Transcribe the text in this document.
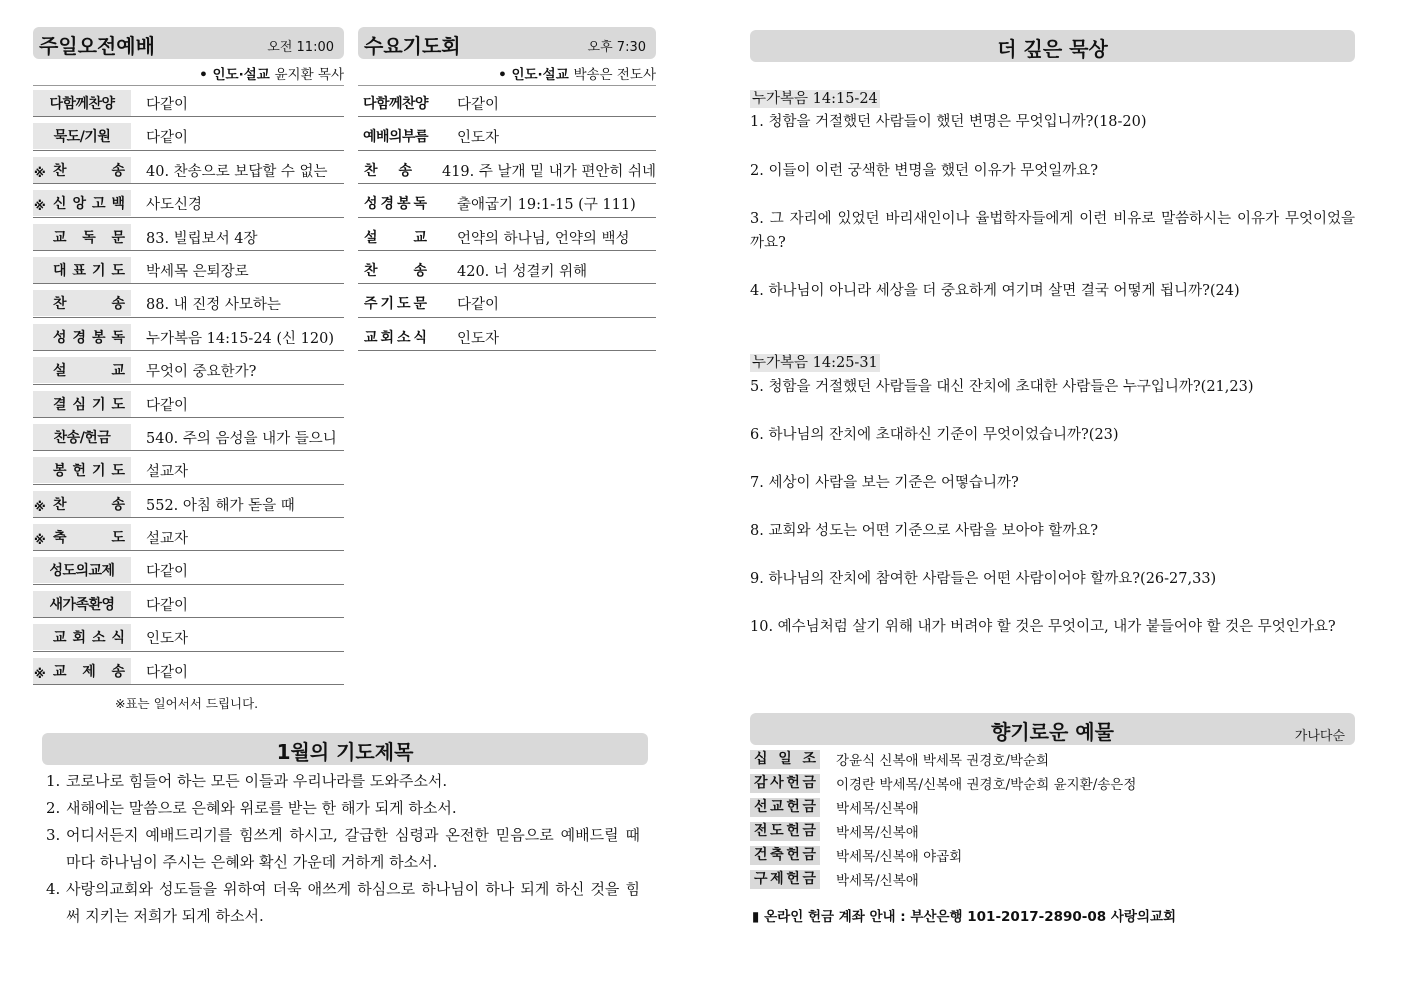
주일오전예배	오전 11:00
• 인도·설교 윤지환 목사
다함께찬양	다같이
묵도/기원	다같이
※ 찬	송	40. 찬송으로 보답할 수 없는
※ 신 앙 고 백	사도신경
교 독 문	83. 빌립보서 4장
대 표 기 도	박세목 은퇴장로
찬	송	88. 내 진정 사모하는
성 경 봉 독	누가복음 14:15-24 (신 120)
설	교	무엇이 중요한가?
결 심 기 도	다같이
찬송/헌금	540. 주의 음성을 내가 들으니
봉 헌 기 도	설교자
※ 찬	송	552. 아침 해가 돋을 때
※ 축	도	설교자
성도의교제	다같이
새가족환영	다같이
교 회 소 식	인도자
※ 교 제 송	다같이
※표는 일어서서 드립니다.
수요기도회	오후 7:30
• 인도·설교 박송은 전도사
다함께찬양	다같이
예배의부름	인도자
찬 송	419. 주 날개 밑 내가 편안히 쉬네
성 경 봉 독	출애굽기 19:1-15 (구 111)
설	교	언약의 하나님, 언약의 백성
찬	송	420. 너 성결키 위해
주 기 도 문	다같이
교 회 소 식	인도자
1월의 기도제목
1. 코로나로 힘들어 하는 모든 이들과 우리나라를 도와주소서.
2. 새해에는 말씀으로 은혜와 위로를 받는 한 해가 되게 하소서.
3. 어디서든지 예배드리기를 힘쓰게 하시고, 갈급한 심령과 온전한 믿음으로 예배드릴 때 마다 하나님이 주시는 은혜와 확신 가운데 거하게 하소서.
4. 사랑의교회와 성도들을 위하여 더욱 애쓰게 하심으로 하나님이 하나 되게 하신 것을 힘써 지키는 저희가 되게 하소서.
더 깊은 묵상
누가복음 14:15-24
1. 청함을 거절했던 사람들이 했던 변명은 무엇입니까?(18-20)
2. 이들이 이런 궁색한 변명을 했던 이유가 무엇일까요?
3. 그 자리에 있었던 바리새인이나 율법학자들에게 이런 비유로 말씀하시는 이유가 무엇이었을까요?
4. 하나님이 아니라 세상을 더 중요하게 여기며 살면 결국 어떻게 됩니까?(24)
누가복음 14:25-31
5. 청함을 거절했던 사람들을 대신 잔치에 초대한 사람들은 누구입니까?(21,23)
6. 하나님의 잔치에 초대하신 기준이 무엇이었습니까?(23)
7. 세상이 사람을 보는 기준은 어떻습니까?
8. 교회와 성도는 어떤 기준으로 사람을 보아야 할까요?
9. 하나님의 잔치에 참여한 사람들은 어떤 사람이어야 할까요?(26-27,33)
10. 예수님처럼 살기 위해 내가 버려야 할 것은 무엇이고, 내가 붙들어야 할 것은 무엇인가요?
향기로운 예물	가나다순
십 일 조	강윤식 신복애 박세목 권경호/박순희
감 사 헌 금	이경란 박세목/신복애 권경호/박순희 윤지환/송은정
선 교 헌 금	박세목/신복애
전 도 헌 금	박세목/신복애
건 축 헌 금	박세목/신복애 야곱회
구 제 헌 금	박세목/신복애
▮ 온라인 헌금 계좌 안내 : 부산은행 101-2017-2890-08 사랑의교회
